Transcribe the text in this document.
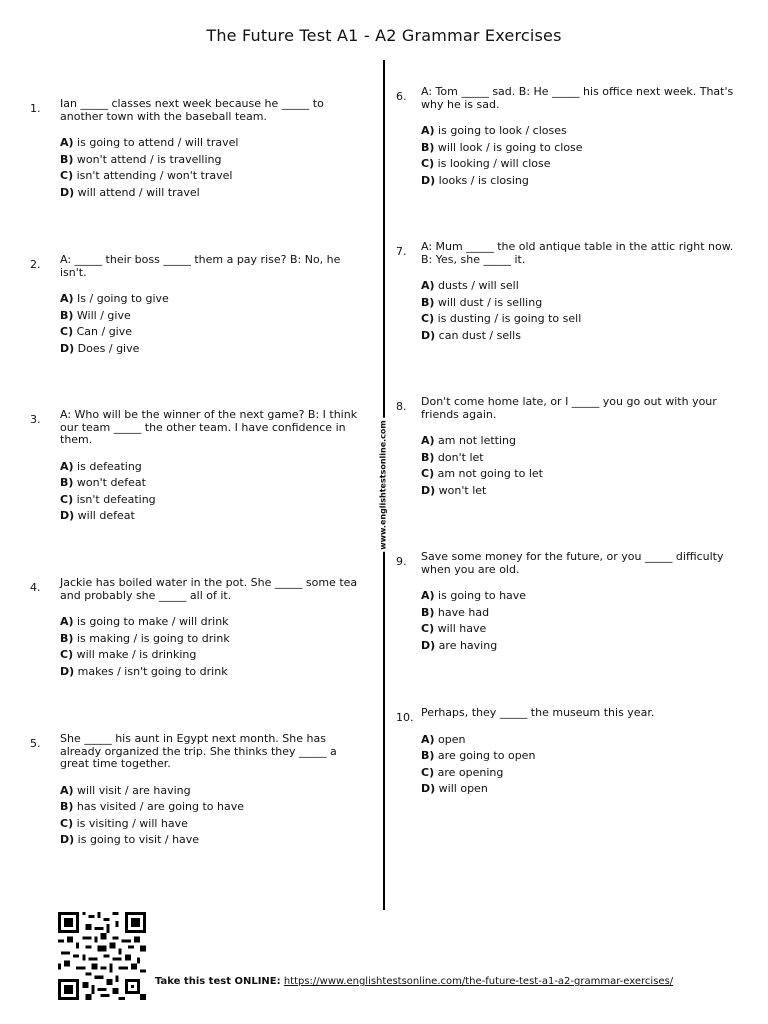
The Future Test A1 - A2 Grammar Exercises
www.englishtestsonline.com
1.	Ian _____ classes next week because he _____ to another town with the baseball team.
A) is going to attend / will travel
B) won't attend / is travelling
C) isn't attending / won't travel
D) will attend / will travel
2.	A: _____ their boss _____ them a pay rise? B: No, he isn't.
A) Is / going to give
B) Will / give
C) Can / give
D) Does / give
3.	A: Who will be the winner of the next game? B: I think our team _____ the other team. I have confidence in them.
A) is defeating
B) won't defeat
C) isn't defeating
D) will defeat
4.	Jackie has boiled water in the pot. She _____ some tea and probably she _____ all of it.
A) is going to make / will drink
B) is making / is going to drink
C) will make / is drinking
D) makes / isn't going to drink
5.	She _____ his aunt in Egypt next month. She has already organized the trip. She thinks they _____ a great time together.
A) will visit / are having
B) has visited / are going to have
C) is visiting / will have
D) is going to visit / have
6.	A: Tom _____ sad. B: He _____ his office next week. That's why he is sad.
A) is going to look / closes
B) will look / is going to close
C) is looking / will close
D) looks / is closing
7.	A: Mum _____ the old antique table in the attic right now. B: Yes, she _____ it.
A) dusts / will sell
B) will dust / is selling
C) is dusting / is going to sell
D) can dust / sells
8.	Don't come home late, or I _____ you go out with your friends again.
A) am not letting
B) don't let
C) am not going to let
D) won't let
9.	Save some money for the future, or you _____ difficulty when you are old.
A) is going to have
B) have had
C) will have
D) are having
10. Perhaps, they _____ the museum this year.
A) open
B) are going to open
C) are opening
D) will open
Take this test ONLINE: https://www.englishtestsonline.com/the-future-test-a1-a2-grammar-exercises/
